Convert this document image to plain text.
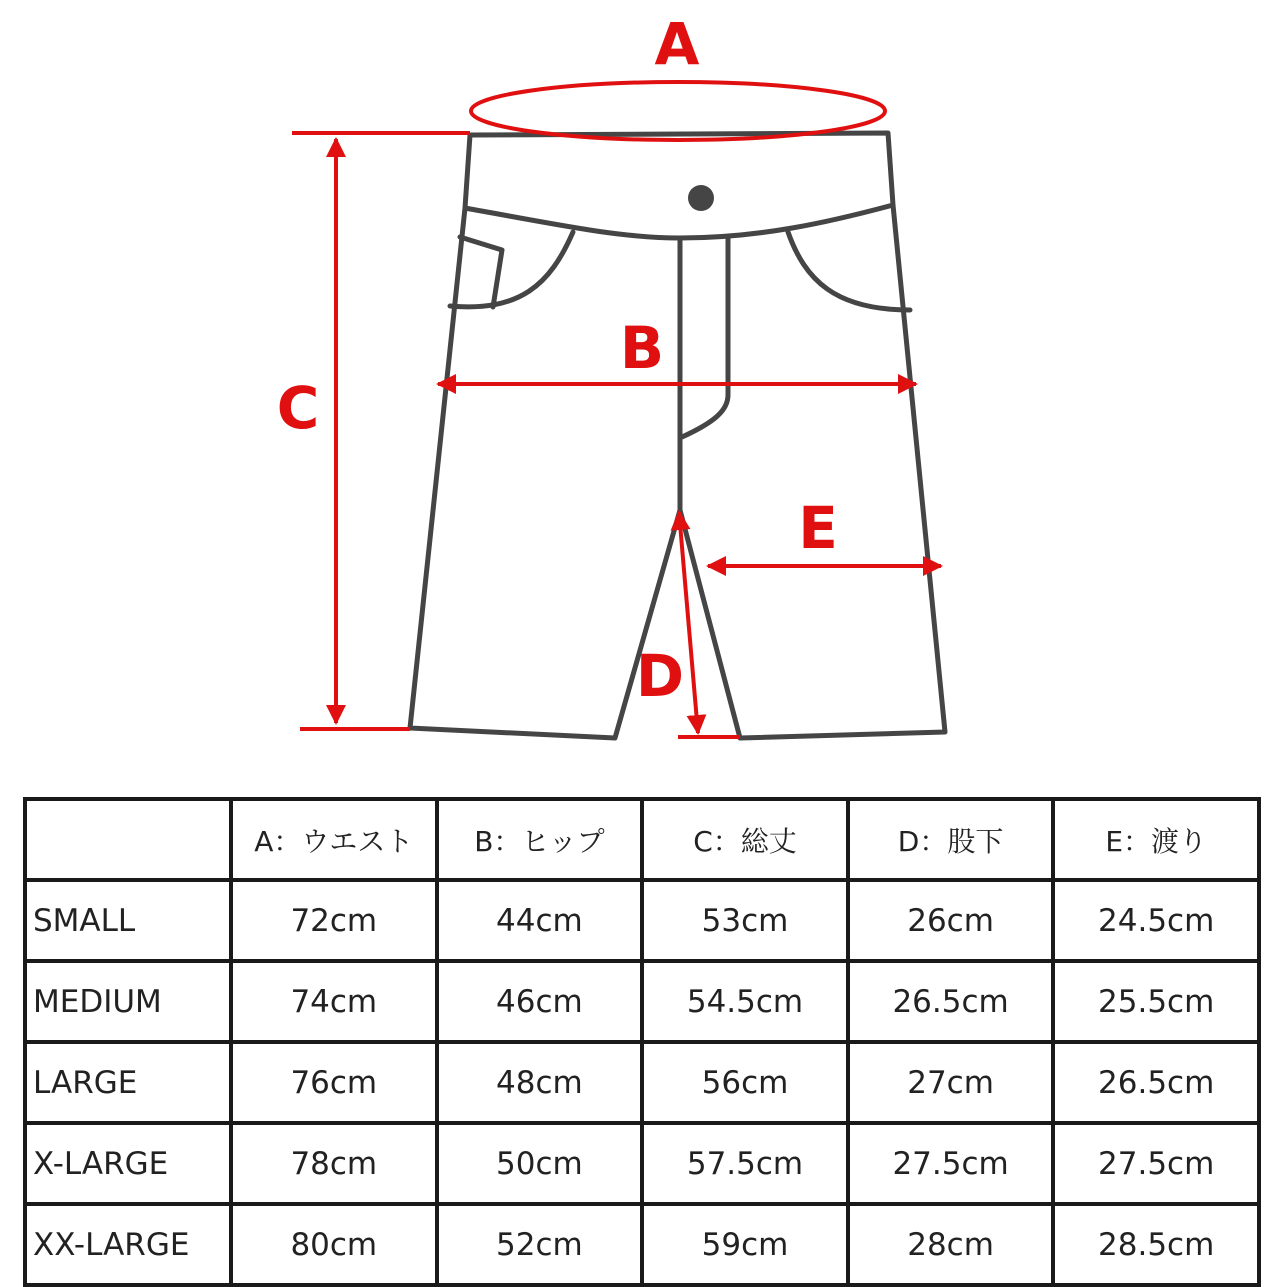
A
B
C
D
E
	A：ウエスト	B：ヒップ	C：総丈	D：股下	E：渡り
SMALL	72cm	44cm	53cm	26cm	24.5cm
MEDIUM	74cm	46cm	54.5cm	26.5cm	25.5cm
LARGE	76cm	48cm	56cm	27cm	26.5cm
X-LARGE	78cm	50cm	57.5cm	27.5cm	27.5cm
XX-LARGE	80cm	52cm	59cm	28cm	28.5cm
